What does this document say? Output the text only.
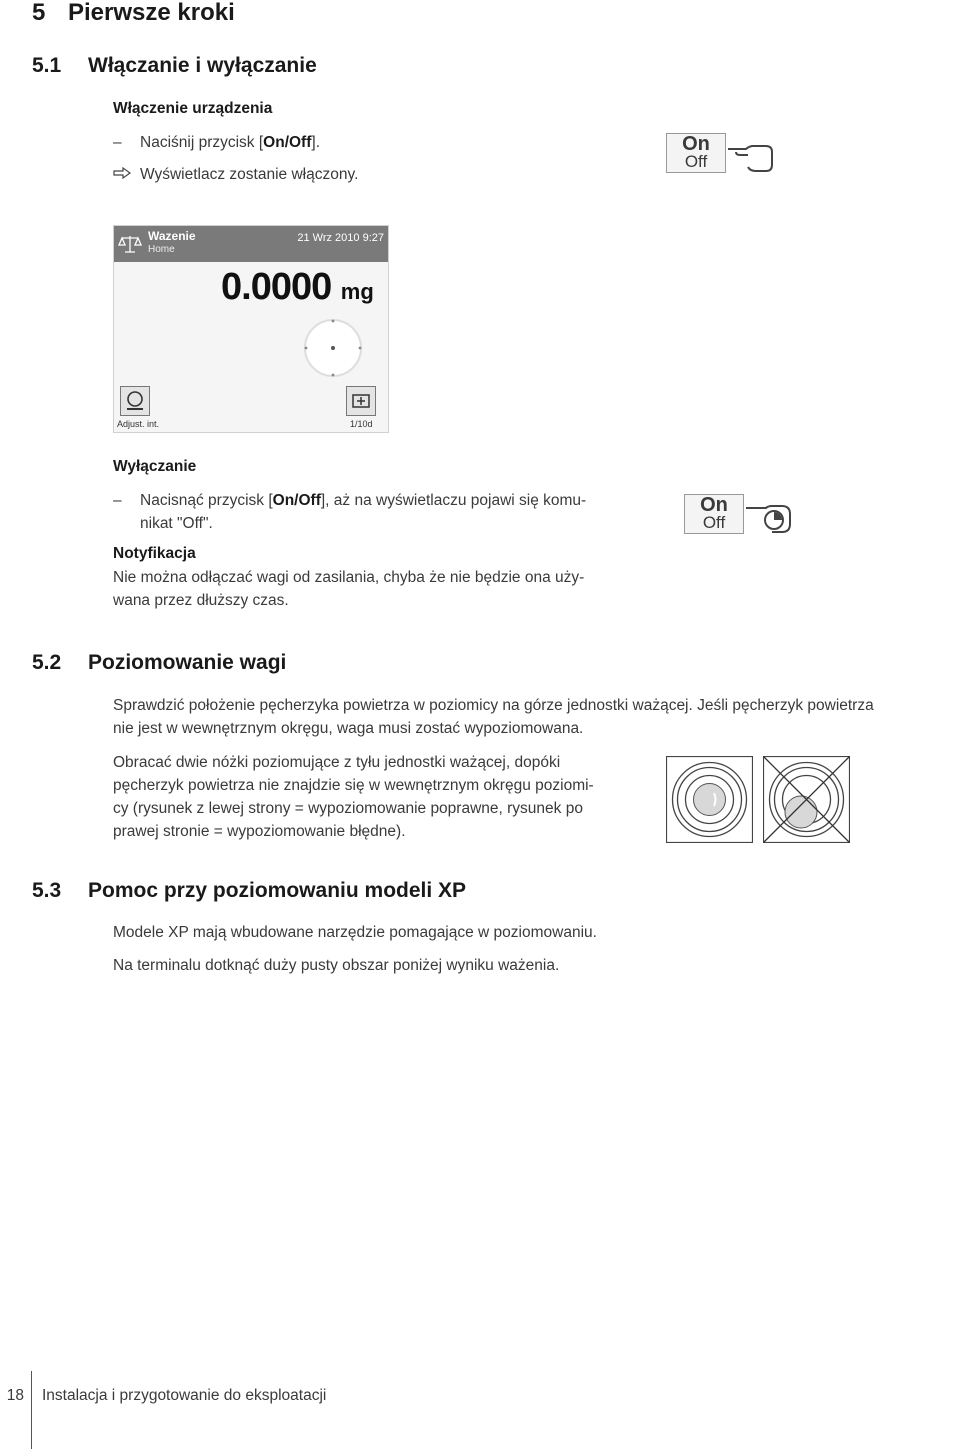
5 Pierwsze kroki
5.1 Włączanie i wyłączanie
Włączenie urządzenia
– Naciśnij przycisk [On/Off].
Wyświetlacz zostanie włączony.
On
Off
Wazenie
Home
21 Wrz 2010 9:27
0.0000 mg
Adjust. int.	1/10d
Wyłączanie
– Nacisnąć przycisk [On/Off], aż na wyświetlaczu pojawi się komu-
nikat "Off".
Notyfikacja
Nie można odłączać wagi od zasilania, chyba że nie będzie ona uży-
wana przez dłuższy czas.
On
Off
5.2 Poziomowanie wagi
Sprawdzić położenie pęcherzyka powietrza w poziomicy na górze jednostki ważącej. Jeśli pęcherzyk powietrza
nie jest w wewnętrznym okręgu, waga musi zostać wypoziomowana.
Obracać dwie nóżki poziomujące z tyłu jednostki ważącej, dopóki
pęcherzyk powietrza nie znajdzie się w wewnętrznym okręgu poziomi-
cy (rysunek z lewej strony = wypoziomowanie poprawne, rysunek po
prawej stronie = wypoziomowanie błędne).
5.3 Pomoc przy poziomowaniu modeli XP
Modele XP mają wbudowane narzędzie pomagające w poziomowaniu.
Na terminalu dotknąć duży pusty obszar poniżej wyniku ważenia.
18 Instalacja i przygotowanie do eksploatacji
